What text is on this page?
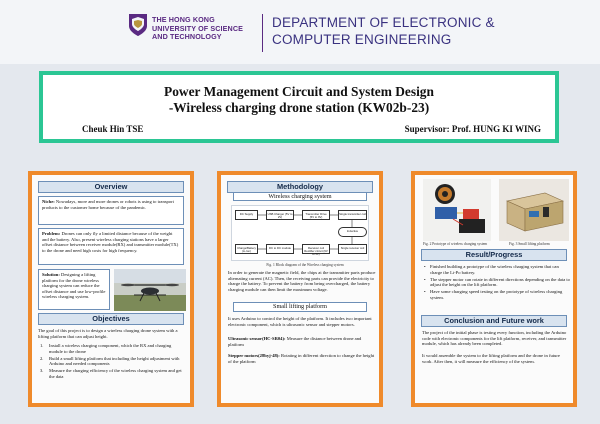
THE HONG KONG
UNIVERSITY OF SCIENCE
AND TECHNOLOGY
DEPARTMENT OF ELECTRONIC &
COMPUTER ENGINEERING
Power Management Circuit and System Design
-Wireless charging drone station (KW02b-23)
Cheuk Hin TSE	Supervisor: Prof. HUNG KI WING
Overview
Niche: Nowadays, more and more drones or robots is using to transport products to the customer home because of the pandemic.
Problem: Drones can only fly a limited distance because of the weight and the battery. Also, present wireless charging stations have a larger offset distance between receiver module(RX) and transmitter module(TX) to the drone and need high costs for high frequency.
Solution: Designing a lifting platform for the drone wireless charging system can reduce the offset distance and use low-profile wireless charging system.
Objectives
The goal of this project is to design a wireless charging drone system with a lifting platform that can adjust height.
1. Install a wireless charging component, which the RX and charging module to the drone
2. Build a small lifting platform that including the height adjustment with Arduino and needed components
3. Measure the charging efficiency of the wireless charging system and get the data
Methodology
Wireless charging system
DC Supply	USB Charger (5V to 2V)
Transmitter Drive (5V to 9V)
Single transmitter coil
Inductive
Single receiver coil
Receiver coil Rectifier circuit (9V to 5V)
DC to DC module
Charge/Battery (Li-Ion)
Fig. 1 Block diagram of the Wireless charging system
In order to generate the magnetic field, the chips at the transmitter parts produce alternating current (AC). Then, the receiving parts can provide the electricity to charge the battery. To prevent the battery from being overcharged, the battery charging module can then limit the maximum voltage.
Small lifting platform
It uses Arduino to control the height of the platform. It includes two important electronic component, which is ultrasonic sensor and stepper motors.
Ultrasonic sensor(HC-SR04): Measure the distance between drone and platform
Stepper motors(28byj-48): Rotating in different direction to change the height of the platform
Fig. 2 Prototype of wireless charging system	Fig. 3 Small lifting platform
Result/Progress
• Finished building a prototype of the wireless charging system that can charge the Li-Po battery.
• The stepper motor can rotate in different directions depending on the data to adjust the height on the lift platform.
• Have some charging speed testing on the prototype of wireless charging system.
Conclusion and Future work
The project of the initial phase is testing every function, including the Arduino code with electronic components for the lift platform, receiver, and transmitter module, which has already been completed.
It would assemble the system to the lifting platform and the drone in future work. After then, it will measure the efficiency of the system.
